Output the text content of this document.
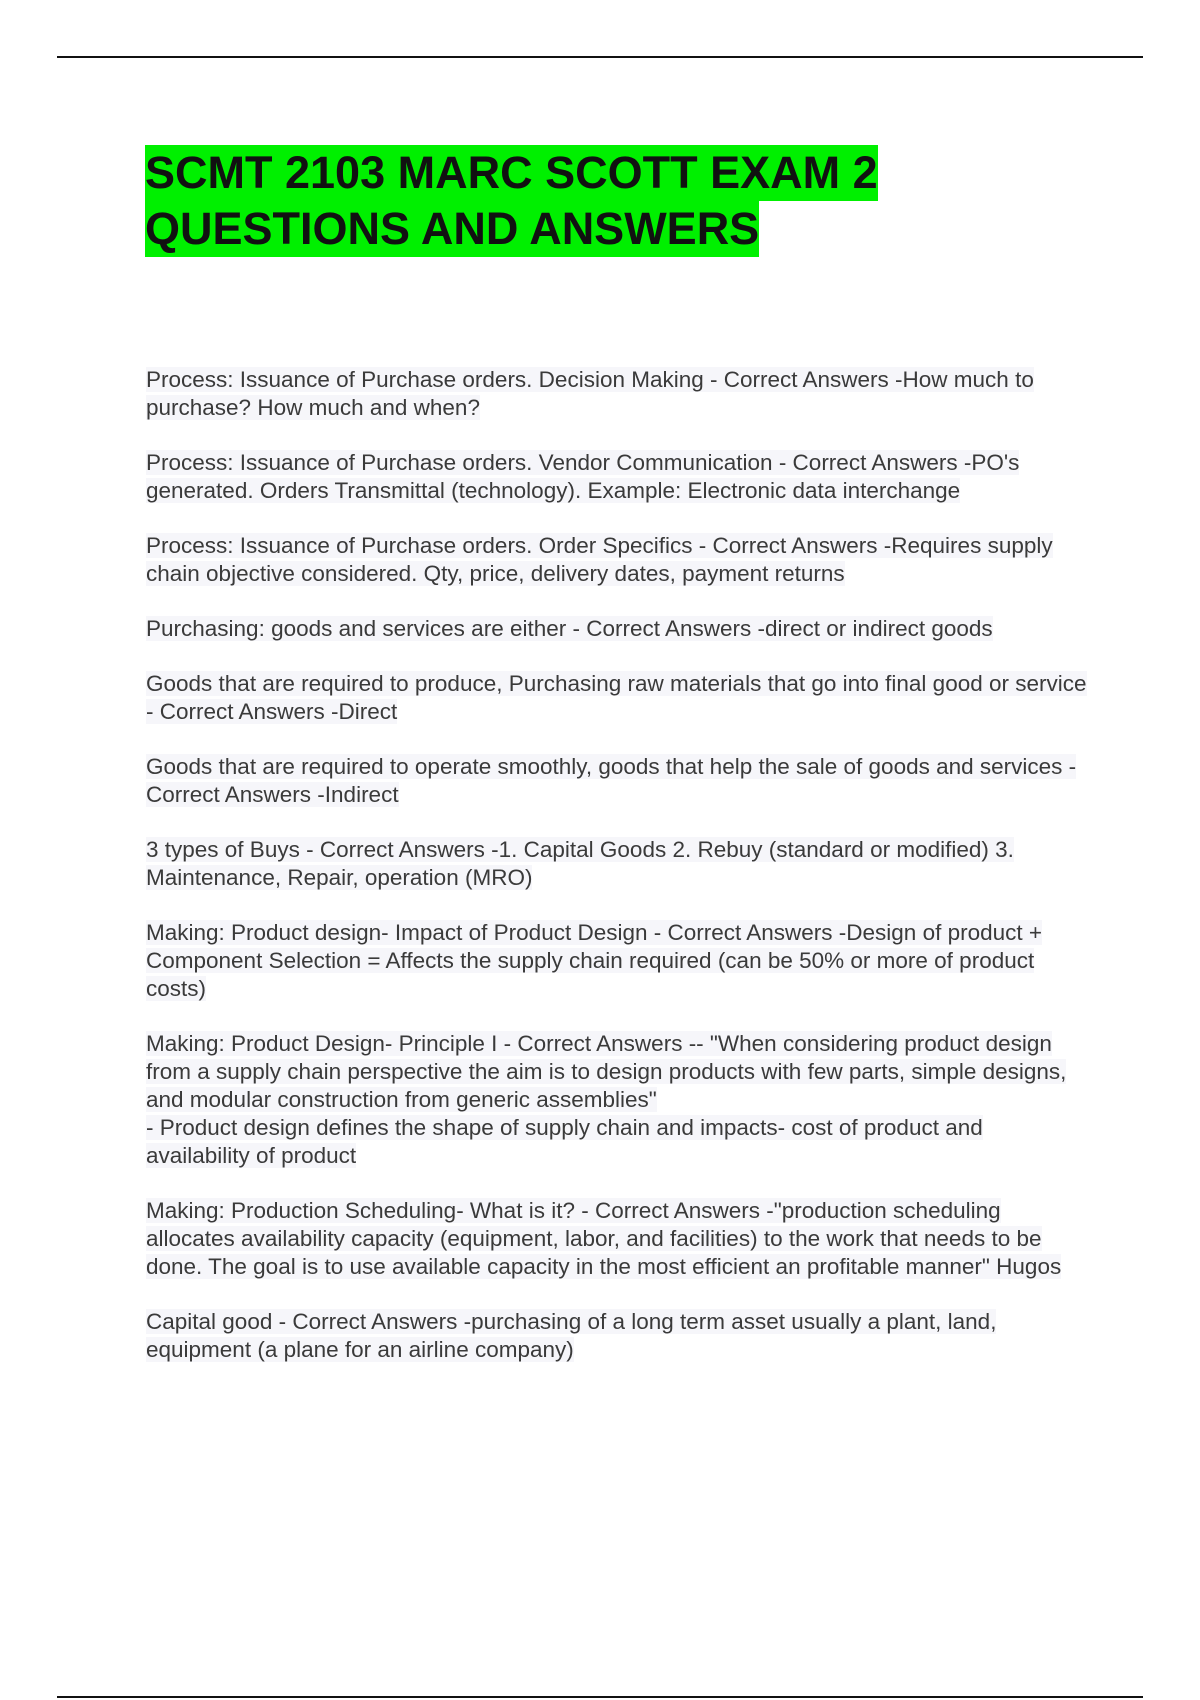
SCMT 2103 MARC SCOTT EXAM 2
QUESTIONS AND ANSWERS
Process: Issuance of Purchase orders. Decision Making - Correct Answers -How much to purchase? How much and when?
Process: Issuance of Purchase orders. Vendor Communication - Correct Answers -PO's generated. Orders Transmittal (technology). Example: Electronic data interchange
Process: Issuance of Purchase orders. Order Specifics - Correct Answers -Requires supply chain objective considered. Qty, price, delivery dates, payment returns
Purchasing: goods and services are either - Correct Answers -direct or indirect goods
Goods that are required to produce, Purchasing raw materials that go into final good or service - Correct Answers -Direct
Goods that are required to operate smoothly, goods that help the sale of goods and services - Correct Answers -Indirect
3 types of Buys - Correct Answers -1. Capital Goods 2. Rebuy (standard or modified) 3. Maintenance, Repair, operation (MRO)
Making: Product design- Impact of Product Design - Correct Answers -Design of product + Component Selection = Affects the supply chain required (can be 50% or more of product costs)
Making: Product Design- Principle I - Correct Answers -- "When considering product design from a supply chain perspective the aim is to design products with few parts, simple designs, and modular construction from generic assemblies"
- Product design defines the shape of supply chain and impacts- cost of product and availability of product
Making: Production Scheduling- What is it? - Correct Answers -"production scheduling allocates availability capacity (equipment, labor, and facilities) to the work that needs to be done. The goal is to use available capacity in the most efficient an profitable manner" Hugos
Capital good - Correct Answers -purchasing of a long term asset usually a plant, land, equipment (a plane for an airline company)
